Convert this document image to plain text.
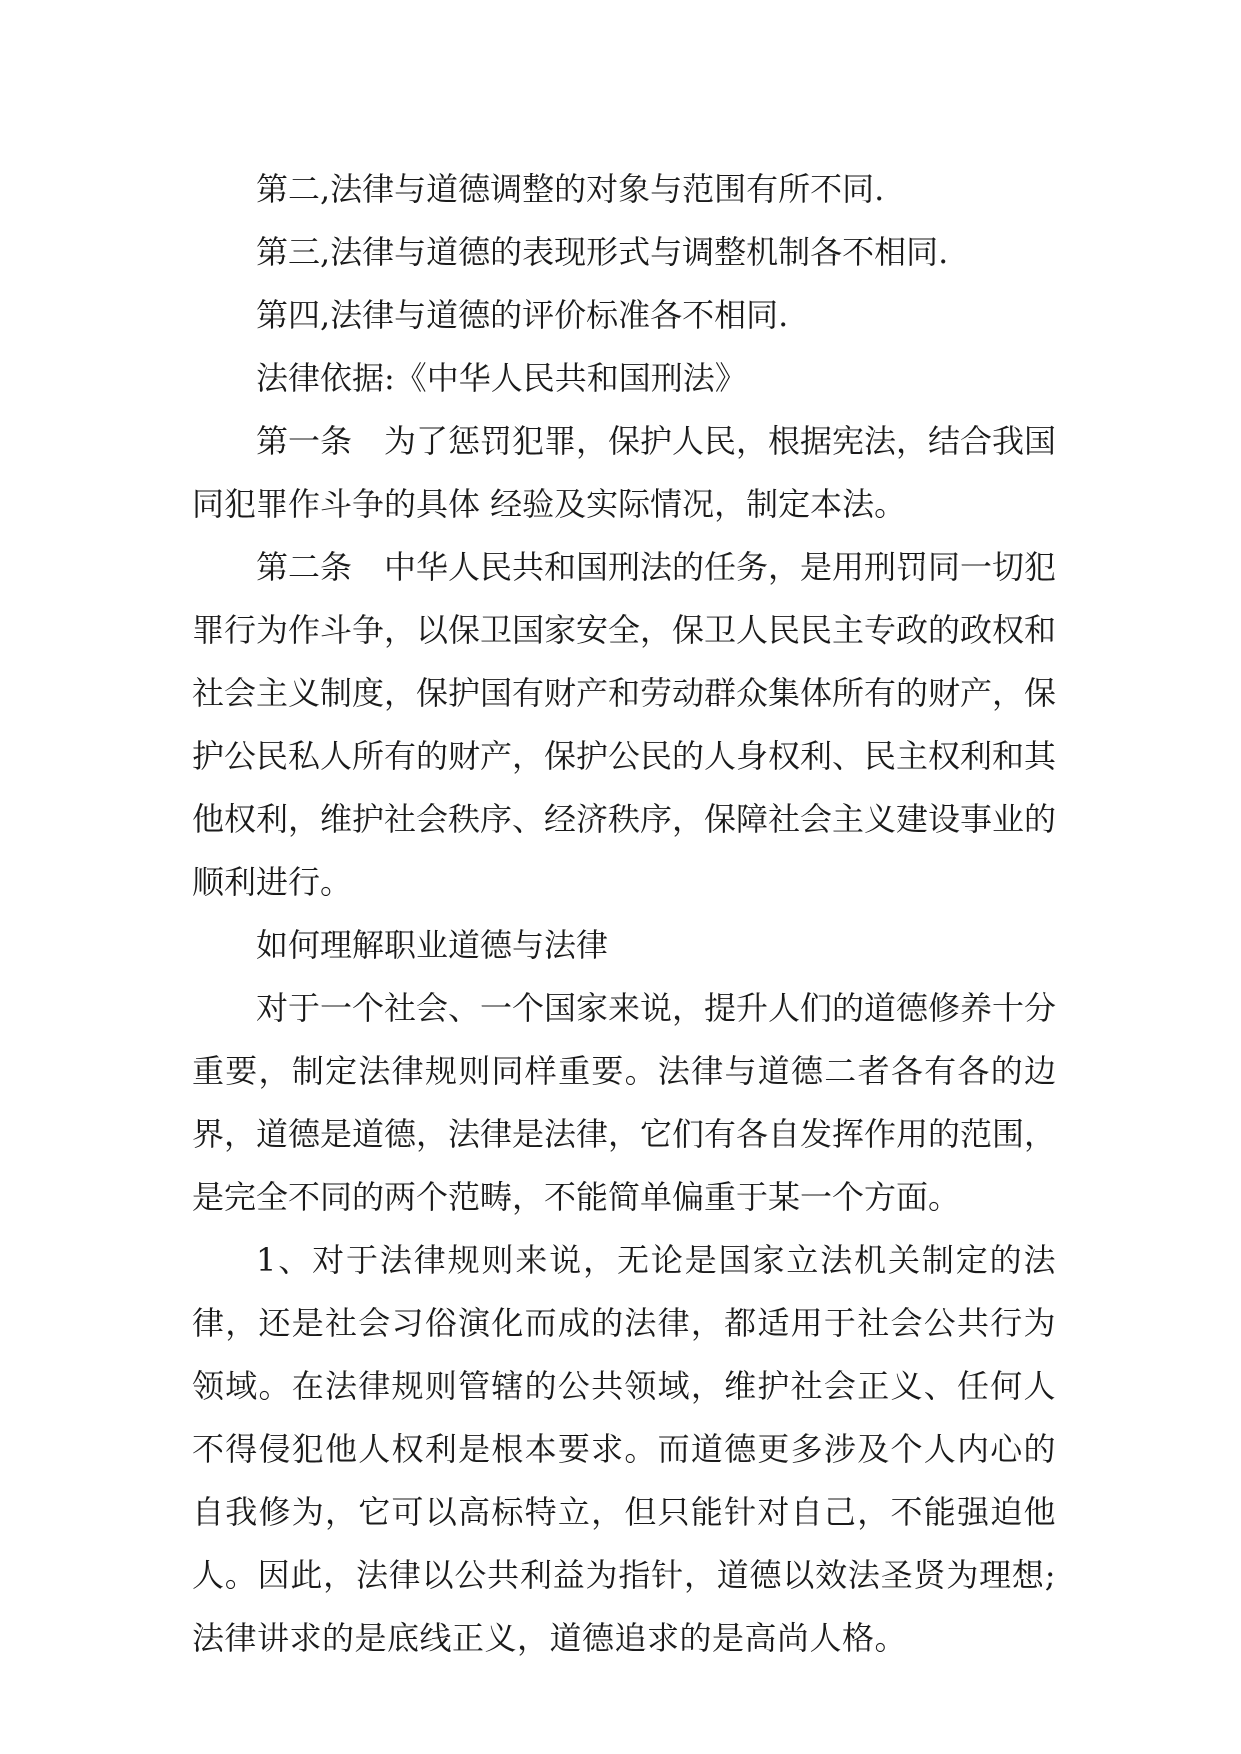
第二,法律与道德调整的对象与范围有所不同.

第三,法律与道德的表现形式与调整机制各不相同.

第四,法律与道德的评价标准各不相同.

法律依据:《中华人民共和国刑法》

第一条　为了惩罚犯罪，保护人民，根据宪法，结合我国同犯罪作斗争的具体 经验及实际情况，制定本法。

第二条　中华人民共和国刑法的任务，是用刑罚同一切犯罪行为作斗争，以保卫国家安全，保卫人民民主专政的政权和社会主义制度，保护国有财产和劳动群众集体所有的财产，保护公民私人所有的财产，保护公民的人身权利、民主权利和其他权利，维护社会秩序、经济秩序，保障社会主义建设事业的顺利进行。

如何理解职业道德与法律

对于一个社会、一个国家来说，提升人们的道德修养十分重要，制定法律规则同样重要。法律与道德二者各有各的边界，道德是道德，法律是法律，它们有各自发挥作用的范围，是完全不同的两个范畴，不能简单偏重于某一个方面。

1、对于法律规则来说，无论是国家立法机关制定的法律，还是社会习俗演化而成的法律，都适用于社会公共行为领域。在法律规则管辖的公共领域，维护社会正义、任何人不得侵犯他人权利是根本要求。而道德更多涉及个人内心的自我修为，它可以高标特立，但只能针对自己，不能强迫他人。因此，法律以公共利益为指针，道德以效法圣贤为理想;法律讲求的是底线正义，道德追求的是高尚人格。
